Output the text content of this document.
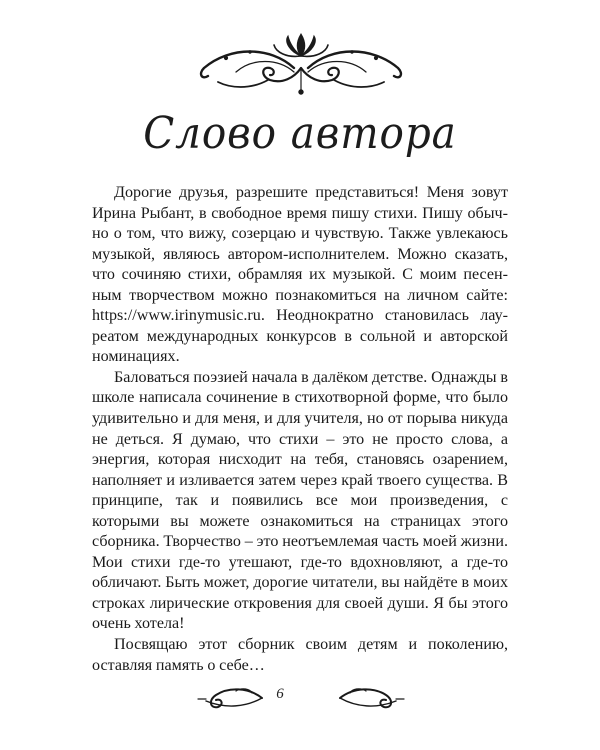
Слово автора

Дорогие друзья, разрешите представиться! Меня зовут Ирина Рыбант, в свободное время пишу стихи. Пишу обычно о том, что вижу, созерцаю и чувствую. Также увлекаюсь музыкой, являюсь автором-исполнителем. Можно сказать, что сочиняю стихи, обрамляя их музыкой. С моим песенным творчеством можно познакомиться на личном сайте: https://www.irinymusic.ru. Неоднократно становилась лауреатом международных конкурсов в сольной и авторской номинациях.

Баловаться поэзией начала в далёком детстве. Однажды в школе написала сочинение в стихотворной форме, что было удивительно и для меня, и для учителя, но от порыва никуда не деться. Я думаю, что стихи – это не просто слова, а энергия, которая нисходит на тебя, становясь озарением, наполняет и изливается затем через край твоего существа. В принципе, так и появились все мои произведения, с которыми вы можете ознакомиться на страницах этого сборника. Творчество – это неотъемлемая часть моей жизни. Мои стихи где-то утешают, где-то вдохновляют, а где-то обличают. Быть может, дорогие читатели, вы найдёте в моих строках лирические откровения для своей души. Я бы этого очень хотела!

Посвящаю этот сборник своим детям и поколению, оставляя память о себе…

6
